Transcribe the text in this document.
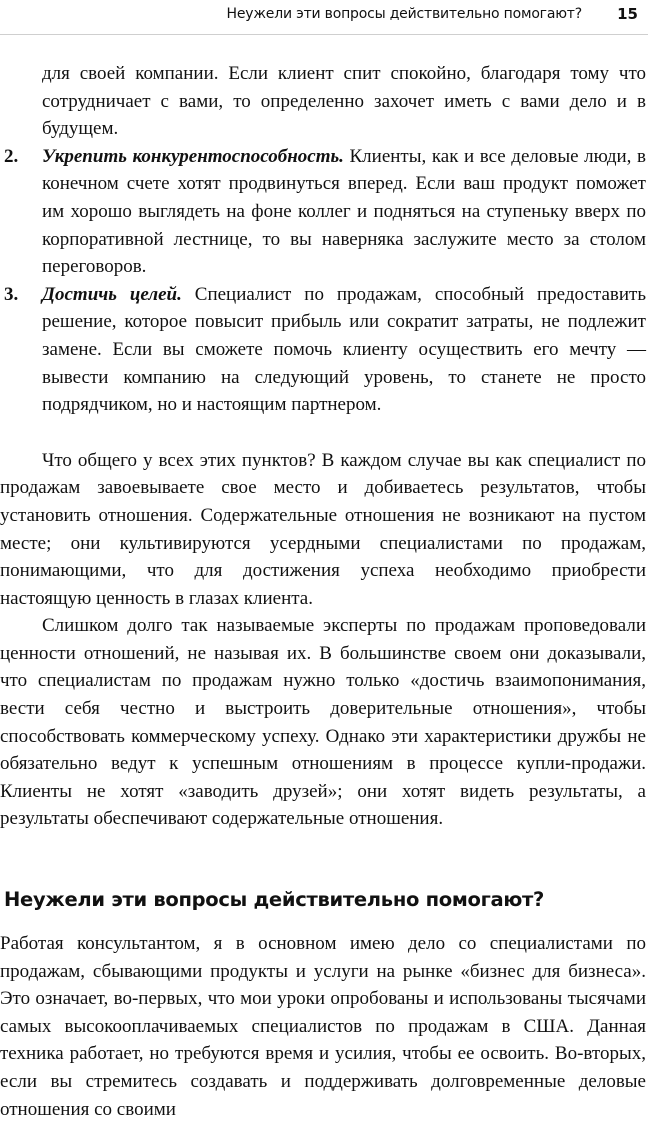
Неужели эти вопросы действительно помогают? 15

для своей компании. Если клиент спит спокойно, благодаря тому что сотрудничает с вами, то определенно захочет иметь с вами дело и в будущем.

2. Укрепить конкурентоспособность. Клиенты, как и все деловые люди, в конечном счете хотят продвинуться вперед. Если ваш продукт поможет им хорошо выглядеть на фоне коллег и подняться на ступеньку вверх по корпоративной лестнице, то вы наверняка заслужите место за столом переговоров.

3. Достичь целей. Специалист по продажам, способный предоставить решение, которое повысит прибыль или сократит затраты, не подлежит замене. Если вы сможете помочь клиенту осуществить его мечту — вывести компанию на следующий уровень, то станете не просто подрядчиком, но и настоящим партнером.

Что общего у всех этих пунктов? В каждом случае вы как специалист по продажам завоевываете свое место и добиваетесь результатов, чтобы установить отношения. Содержательные отношения не возникают на пустом месте; они культивируются усердными специалистами по продажам, понимающими, что для достижения успеха необходимо приобрести настоящую ценность в глазах клиента.

Слишком долго так называемые эксперты по продажам проповедовали ценности отношений, не называя их. В большинстве своем они доказывали, что специалистам по продажам нужно только «достичь взаимопонимания, вести себя честно и выстроить доверительные отношения», чтобы способствовать коммерческому успеху. Однако эти характеристики дружбы не обязательно ведут к успешным отношениям в процессе купли-продажи. Клиенты не хотят «заводить друзей»; они хотят видеть результаты, а результаты обеспечивают содержательные отношения.

Неужели эти вопросы действительно помогают?

Работая консультантом, я в основном имею дело со специалистами по продажам, сбывающими продукты и услуги на рынке «бизнес для бизнеса». Это означает, во-первых, что мои уроки опробованы и использованы тысячами самых высокооплачиваемых специалистов по продажам в США. Данная техника работает, но требуются время и усилия, чтобы ее освоить. Во-вторых, если вы стремитесь создавать и поддерживать долговременные деловые отношения со своими
